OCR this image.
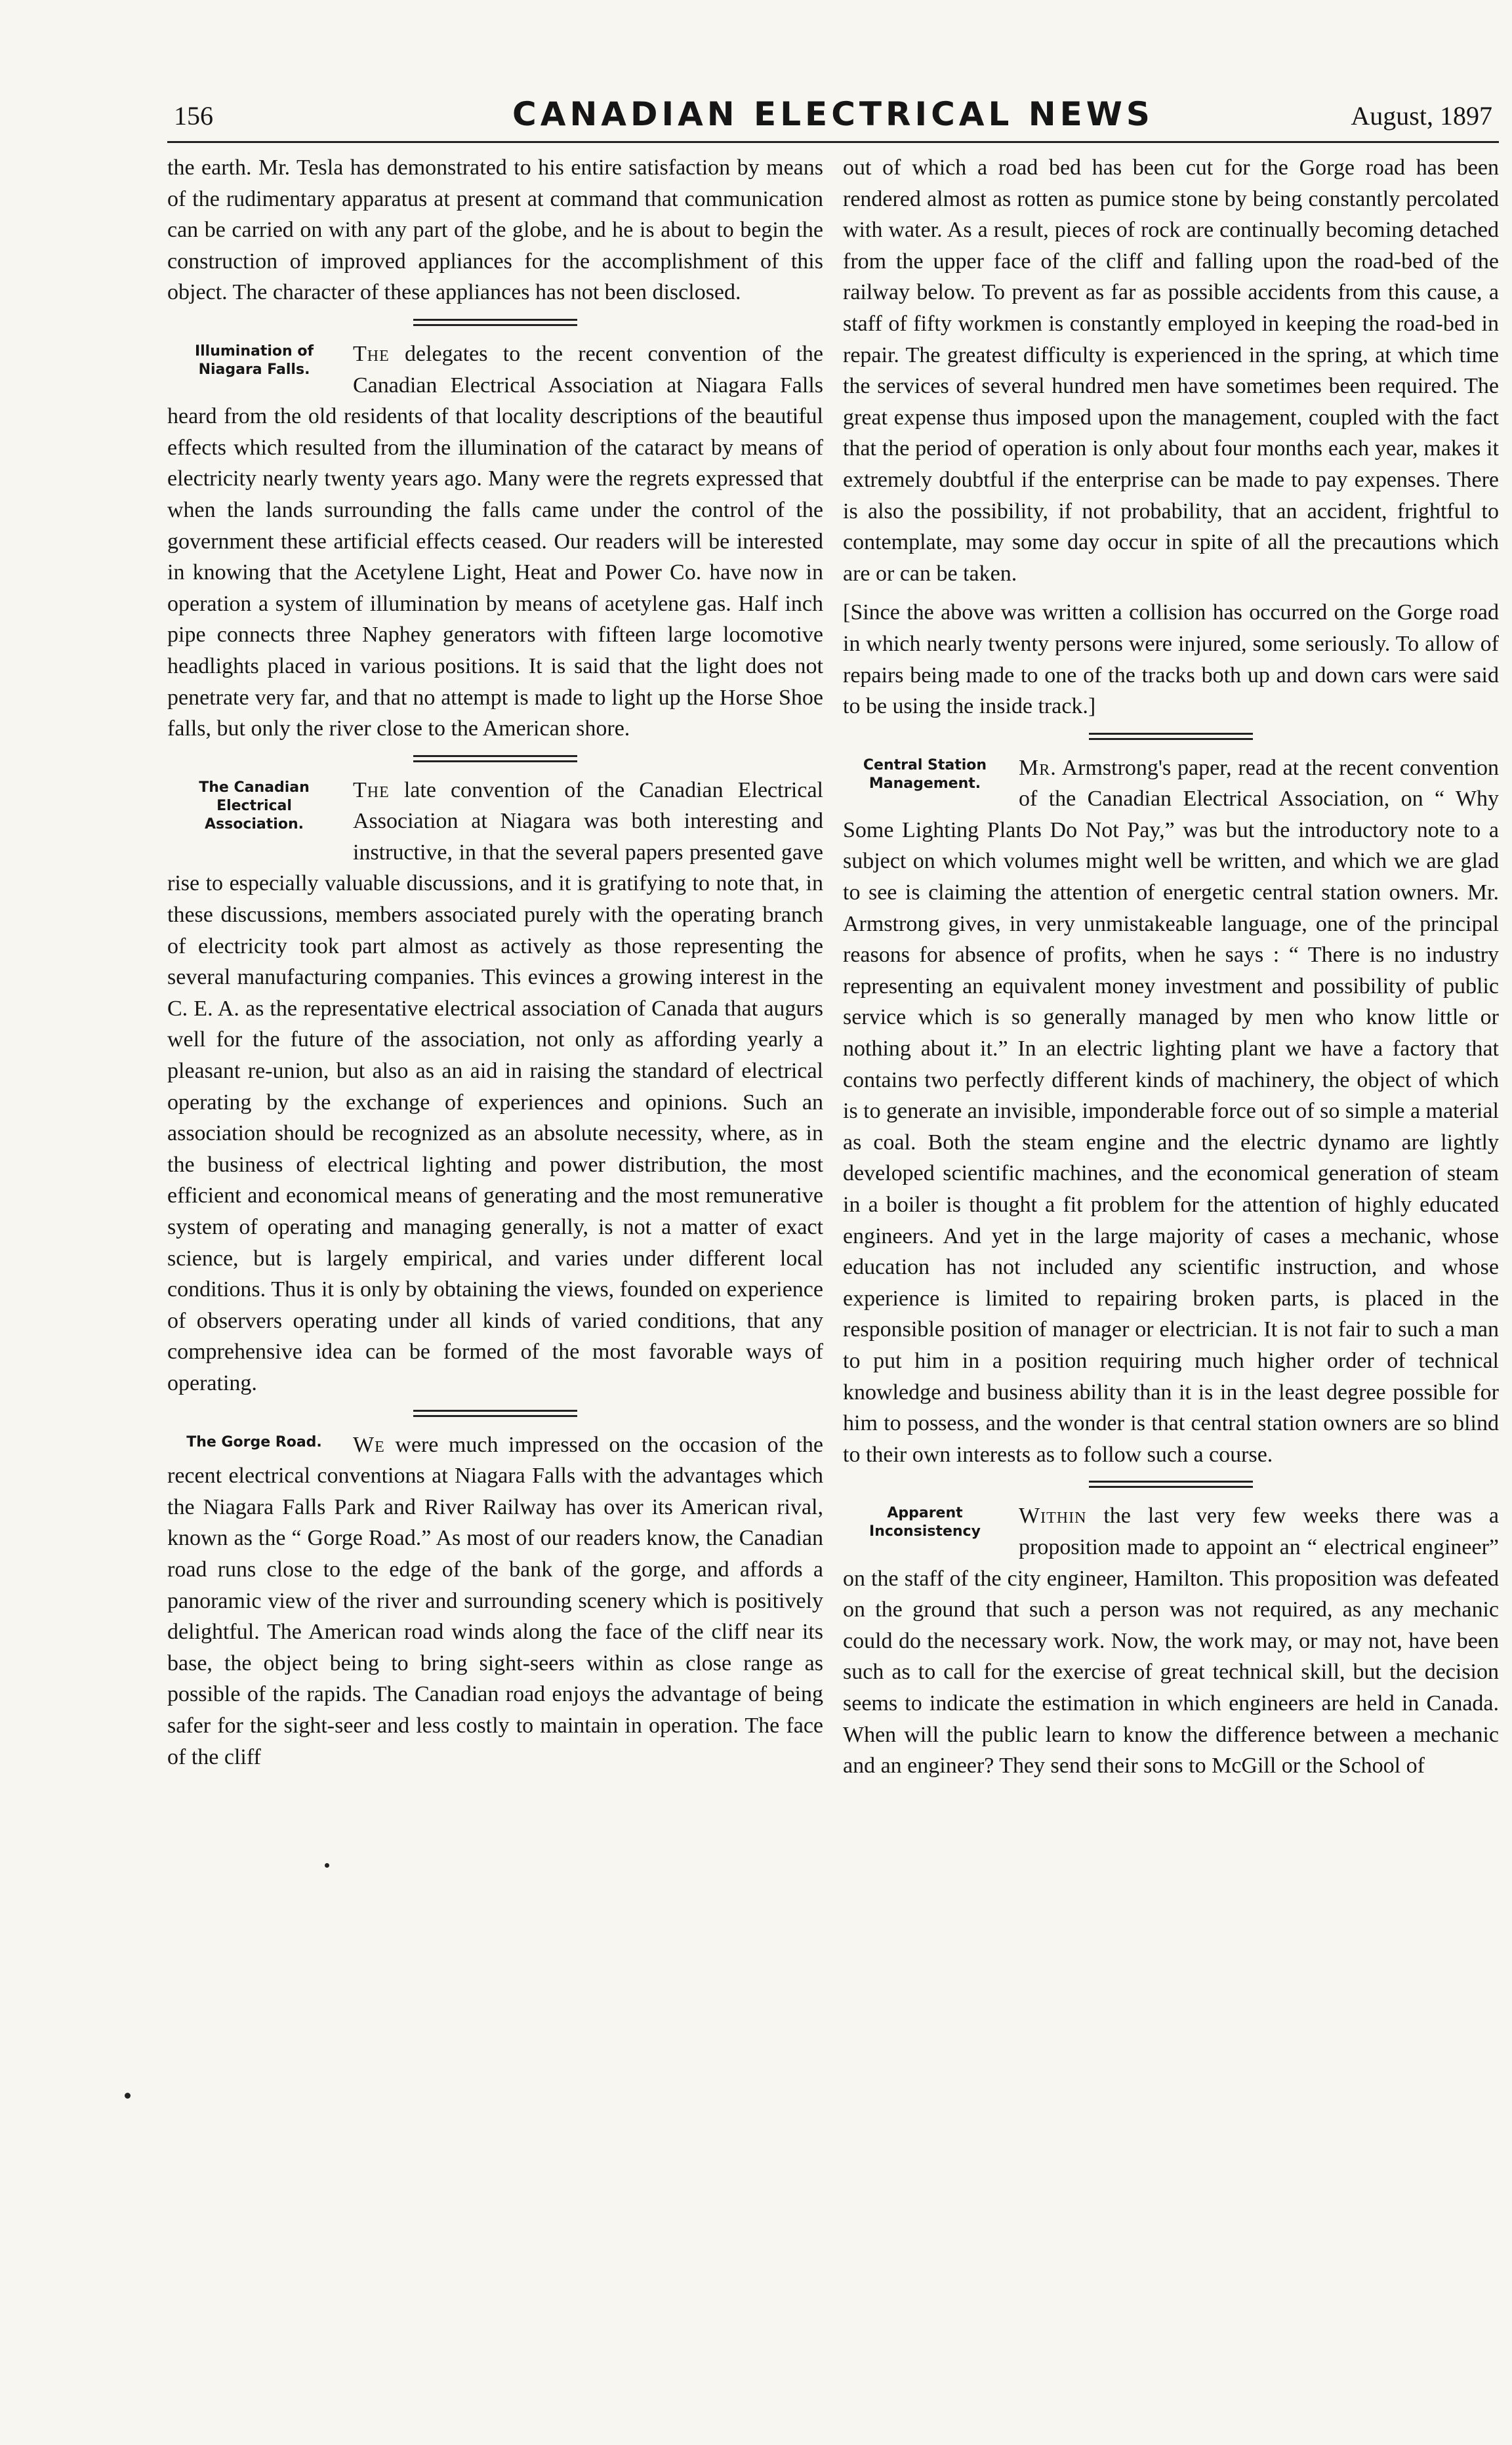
156	CANADIAN ELECTRICAL NEWS	August, 1897

the earth. Mr. Tesla has demonstrated to his entire satisfaction by means of the rudimentary apparatus at present at command that communication can be carried on with any part of the globe, and he is about to begin the construction of improved appliances for the accomplishment of this object. The character of these appliances has not been disclosed.

Illumination of Niagara Falls.

The delegates to the recent convention of the Canadian Electrical Association at Niagara Falls heard from the old residents of that locality descriptions of the beautiful effects which resulted from the illumination of the cataract by means of electricity nearly twenty years ago. Many were the regrets expressed that when the lands surrounding the falls came under the control of the government these artificial effects ceased. Our readers will be interested in knowing that the Acetylene Light, Heat and Power Co. have now in operation a system of illumination by means of acetylene gas. Half inch pipe connects three Naphey generators with fifteen large locomotive headlights placed in various positions. It is said that the light does not penetrate very far, and that no attempt is made to light up the Horse Shoe falls, but only the river close to the American shore.

The Canadian Electrical Association.

The late convention of the Canadian Electrical Association at Niagara was both interesting and instructive, in that the several papers presented gave rise to especially valuable discussions, and it is gratifying to note that, in these discussions, members associated purely with the operating branch of electricity took part almost as actively as those representing the several manufacturing companies. This evinces a growing interest in the C. E. A. as the representative electrical association of Canada that augurs well for the future of the association, not only as affording yearly a pleasant re-union, but also as an aid in raising the standard of electrical operating by the exchange of experiences and opinions. Such an association should be recognized as an absolute necessity, where, as in the business of electrical lighting and power distribution, the most efficient and economical means of generating and the most remunerative system of operating and managing generally, is not a matter of exact science, but is largely empirical, and varies under different local conditions. Thus it is only by obtaining the views, founded on experience of observers operating under all kinds of varied conditions, that any comprehensive idea can be formed of the most favorable ways of operating.

The Gorge Road.	We were much impressed on the occasion of the recent electrical conventions at Niagara Falls with the advantages which the Niagara Falls Park and River Railway has over its American rival, known as the “ Gorge Road.” As most of our readers know, the Canadian road runs close to the edge of the bank of the gorge, and affords a panoramic view of the river and surrounding scenery which is positively delightful. The American road winds along the face of the cliff near its base, the object being to bring sight-seers within as close range as possible of the rapids. The Canadian road enjoys the advantage of being safer for the sight-seer and less costly to maintain in operation. The face of the cliff

out of which a road bed has been cut for the Gorge road has been rendered almost as rotten as pumice stone by being constantly percolated with water. As a result, pieces of rock are continually becoming detached from the upper face of the cliff and falling upon the road-bed of the railway below. To prevent as far as possible accidents from this cause, a staff of fifty workmen is constantly employed in keeping the road-bed in repair. The greatest difficulty is experienced in the spring, at which time the services of several hundred men have sometimes been required. The great expense thus imposed upon the management, coupled with the fact that the period of operation is only about four months each year, makes it extremely doubtful if the enterprise can be made to pay expenses. There is also the possibility, if not probability, that an accident, frightful to contemplate, may some day occur in spite of all the precautions which are or can be taken.

[Since the above was written a collision has occurred on the Gorge road in which nearly twenty persons were injured, some seriously. To allow of repairs being made to one of the tracks both up and down cars were said to be using the inside track.]

Central Station Management.

Mr. Armstrong's paper, read at the recent convention of the Canadian Electrical Association, on “ Why Some Lighting Plants Do Not Pay,” was but the introductory note to a subject on which volumes might well be written, and which we are glad to see is claiming the attention of energetic central station owners. Mr. Armstrong gives, in very unmistakeable language, one of the principal reasons for absence of profits, when he says : “ There is no industry representing an equivalent money investment and possibility of public service which is so generally managed by men who know little or nothing about it.” In an electric lighting plant we have a factory that contains two perfectly different kinds of machinery, the object of which is to generate an invisible, imponderable force out of so simple a material as coal. Both the steam engine and the electric dynamo are lightly developed scientific machines, and the economical generation of steam in a boiler is thought a fit problem for the attention of highly educated engineers. And yet in the large majority of cases a mechanic, whose education has not included any scientific instruction, and whose experience is limited to repairing broken parts, is placed in the responsible position of manager or electrician. It is not fair to such a man to put him in a position requiring much higher order of technical knowledge and business ability than it is in the least degree possible for him to possess, and the wonder is that central station owners are so blind to their own interests as to follow such a course.

Apparent Inconsistency

Within the last very few weeks there was a proposition made to appoint an “ electrical engineer” on the staff of the city engineer, Hamilton. This proposition was defeated on the ground that such a person was not required, as any mechanic could do the necessary work. Now, the work may, or may not, have been such as to call for the exercise of great technical skill, but the decision seems to indicate the estimation in which engineers are held in Canada. When will the public learn to know the difference between a mechanic and an engineer? They send their sons to McGill or the School of
